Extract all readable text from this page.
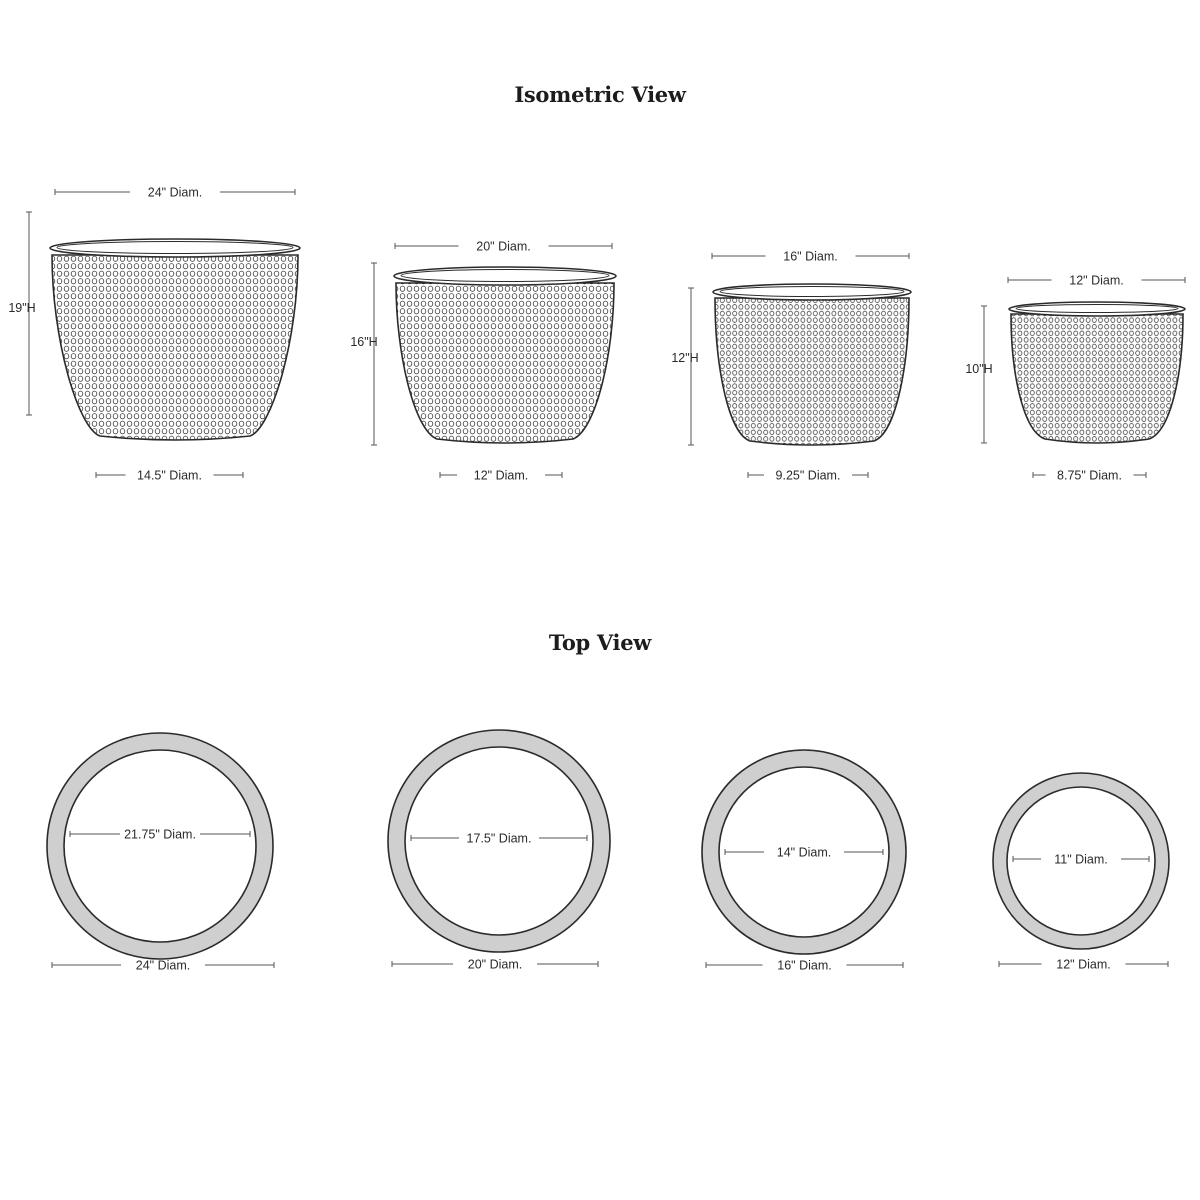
Isometric View
Top View
24" Diam.
14.5" Diam.
19"H
20" Diam.
12" Diam.
16"H
16" Diam.
9.25" Diam.
12"H
12" Diam.
8.75" Diam.
10"H
21.75" Diam.
24" Diam.
17.5" Diam.
20" Diam.
14" Diam.
16" Diam.
11" Diam.
12" Diam.
